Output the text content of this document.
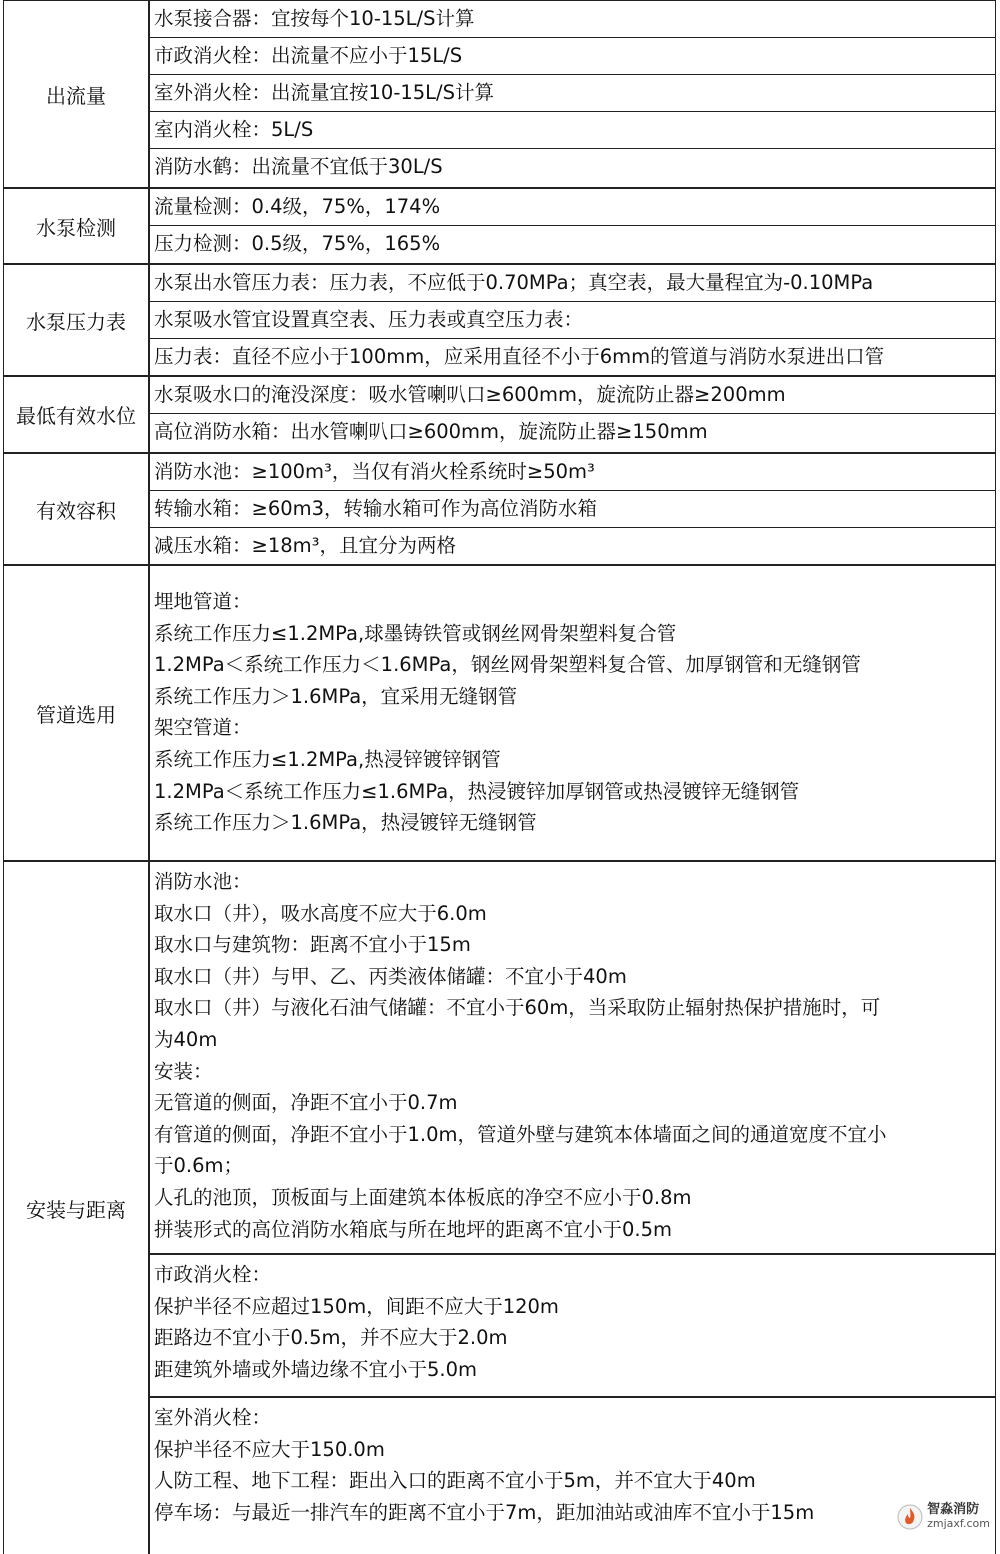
出流量
水泵接合器：宜按每个10-15L/S计算
市政消火栓：出流量不应小于15L/S
室外消火栓：出流量宜按10-15L/S计算
室内消火栓：5L/S
消防水鹤：出流量不宜低于30L/S
水泵检测
流量检测：0.4级，75%，174%
压力检测：0.5级，75%，165%
水泵压力表
水泵出水管压力表：压力表，不应低于0.70MPa；真空表，最大量程宜为-0.10MPa
水泵吸水管宜设置真空表、压力表或真空压力表：
压力表：直径不应小于100mm，应采用直径不小于6mm的管道与消防水泵进出口管
最低有效水位
水泵吸水口的淹没深度：吸水管喇叭口≥600mm，旋流防止器≥200mm
高位消防水箱：出水管喇叭口≥600mm，旋流防止器≥150mm
有效容积
消防水池：≥100m³，当仅有消火栓系统时≥50m³
转输水箱：≥60m3，转输水箱可作为高位消防水箱
减压水箱：≥18m³，且宜分为两格
管道选用
埋地管道：
系统工作压力≤1.2MPa,球墨铸铁管或钢丝网骨架塑料复合管
1.2MPa＜系统工作压力＜1.6MPa，钢丝网骨架塑料复合管、加厚钢管和无缝钢管
系统工作压力＞1.6MPa，宜采用无缝钢管
架空管道：
系统工作压力≤1.2MPa,热浸锌镀锌钢管
1.2MPa＜系统工作压力≤1.6MPa，热浸镀锌加厚钢管或热浸镀锌无缝钢管
系统工作压力＞1.6MPa，热浸镀锌无缝钢管
安装与距离
消防水池：
取水口（井），吸水高度不应大于6.0m
取水口与建筑物：距离不宜小于15m
取水口（井）与甲、乙、丙类液体储罐：不宜小于40m
取水口（井）与液化石油气储罐：不宜小于60m，当采取防止辐射热保护措施时，可
为40m
安装：
无管道的侧面，净距不宜小于0.7m
有管道的侧面，净距不宜小于1.0m，管道外壁与建筑本体墙面之间的通道宽度不宜小
于0.6m；
人孔的池顶，顶板面与上面建筑本体板底的净空不应小于0.8m
拼装形式的高位消防水箱底与所在地坪的距离不宜小于0.5m
市政消火栓：
保护半径不应超过150m，间距不应大于120m
距路边不宜小于0.5m，并不应大于2.0m
距建筑外墙或外墙边缘不宜小于5.0m
室外消火栓：
保护半径不应大于150.0m
人防工程、地下工程：距出入口的距离不宜小于5m，并不宜大于40m
停车场：与最近一排汽车的距离不宜小于7m，距加油站或油库不宜小于15m	智淼消防
zmjaxf.com
